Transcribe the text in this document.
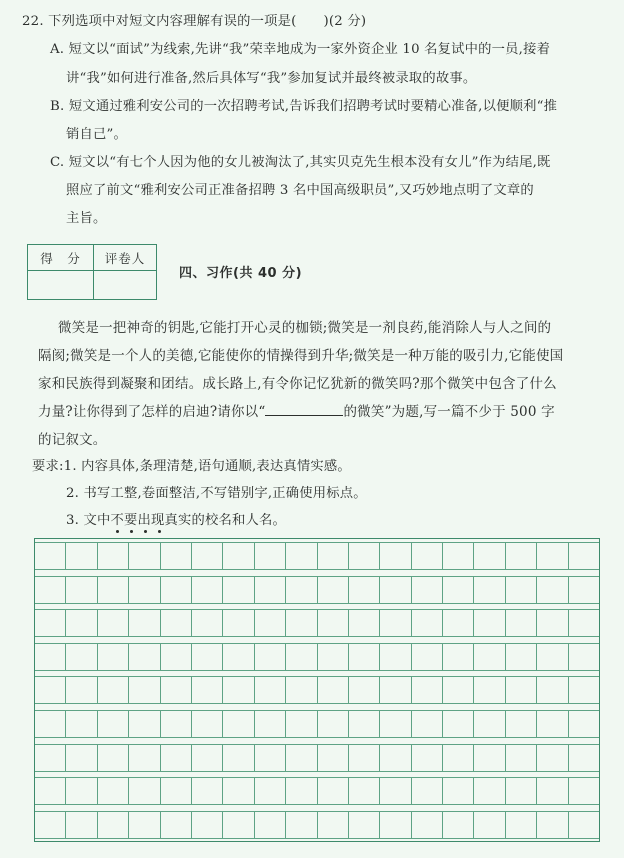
22. 下列选项中对短文内容理解有误的一项是(　　)(2 分)
A. 短文以“面试”为线索,先讲“我”荣幸地成为一家外资企业 10 名复试中的一员,接着
讲“我”如何进行准备,然后具体写“我”参加复试并最终被录取的故事。
B. 短文通过雅利安公司的一次招聘考试,告诉我们招聘考试时要精心准备,以便顺利“推
销自己”。
C. 短文以“有七个人因为他的女儿被淘汰了,其实贝克先生根本没有女儿”作为结尾,既
照应了前文“雅利安公司正准备招聘 3 名中国高级职员”,又巧妙地点明了文章的
主旨。
得　分	评卷人
四、习作(共 40 分)
微笑是一把神奇的钥匙,它能打开心灵的枷锁;微笑是一剂良药,能消除人与人之间的
隔阂;微笑是一个人的美德,它能使你的情操得到升华;微笑是一种万能的吸引力,它能使国
家和民族得到凝聚和团结。成长路上,有令你记忆犹新的微笑吗?那个微笑中包含了什么
力量?让你得到了怎样的启迪?请你以“	的微笑”为题,写一篇不少于 500 字
的记叙文。
要求:1. 内容具体,条理清楚,语句通顺,表达真情实感。
2. 书写工整,卷面整洁,不写错别字,正确使用标点。
3. 文中不要出现真实的校名和人名。
